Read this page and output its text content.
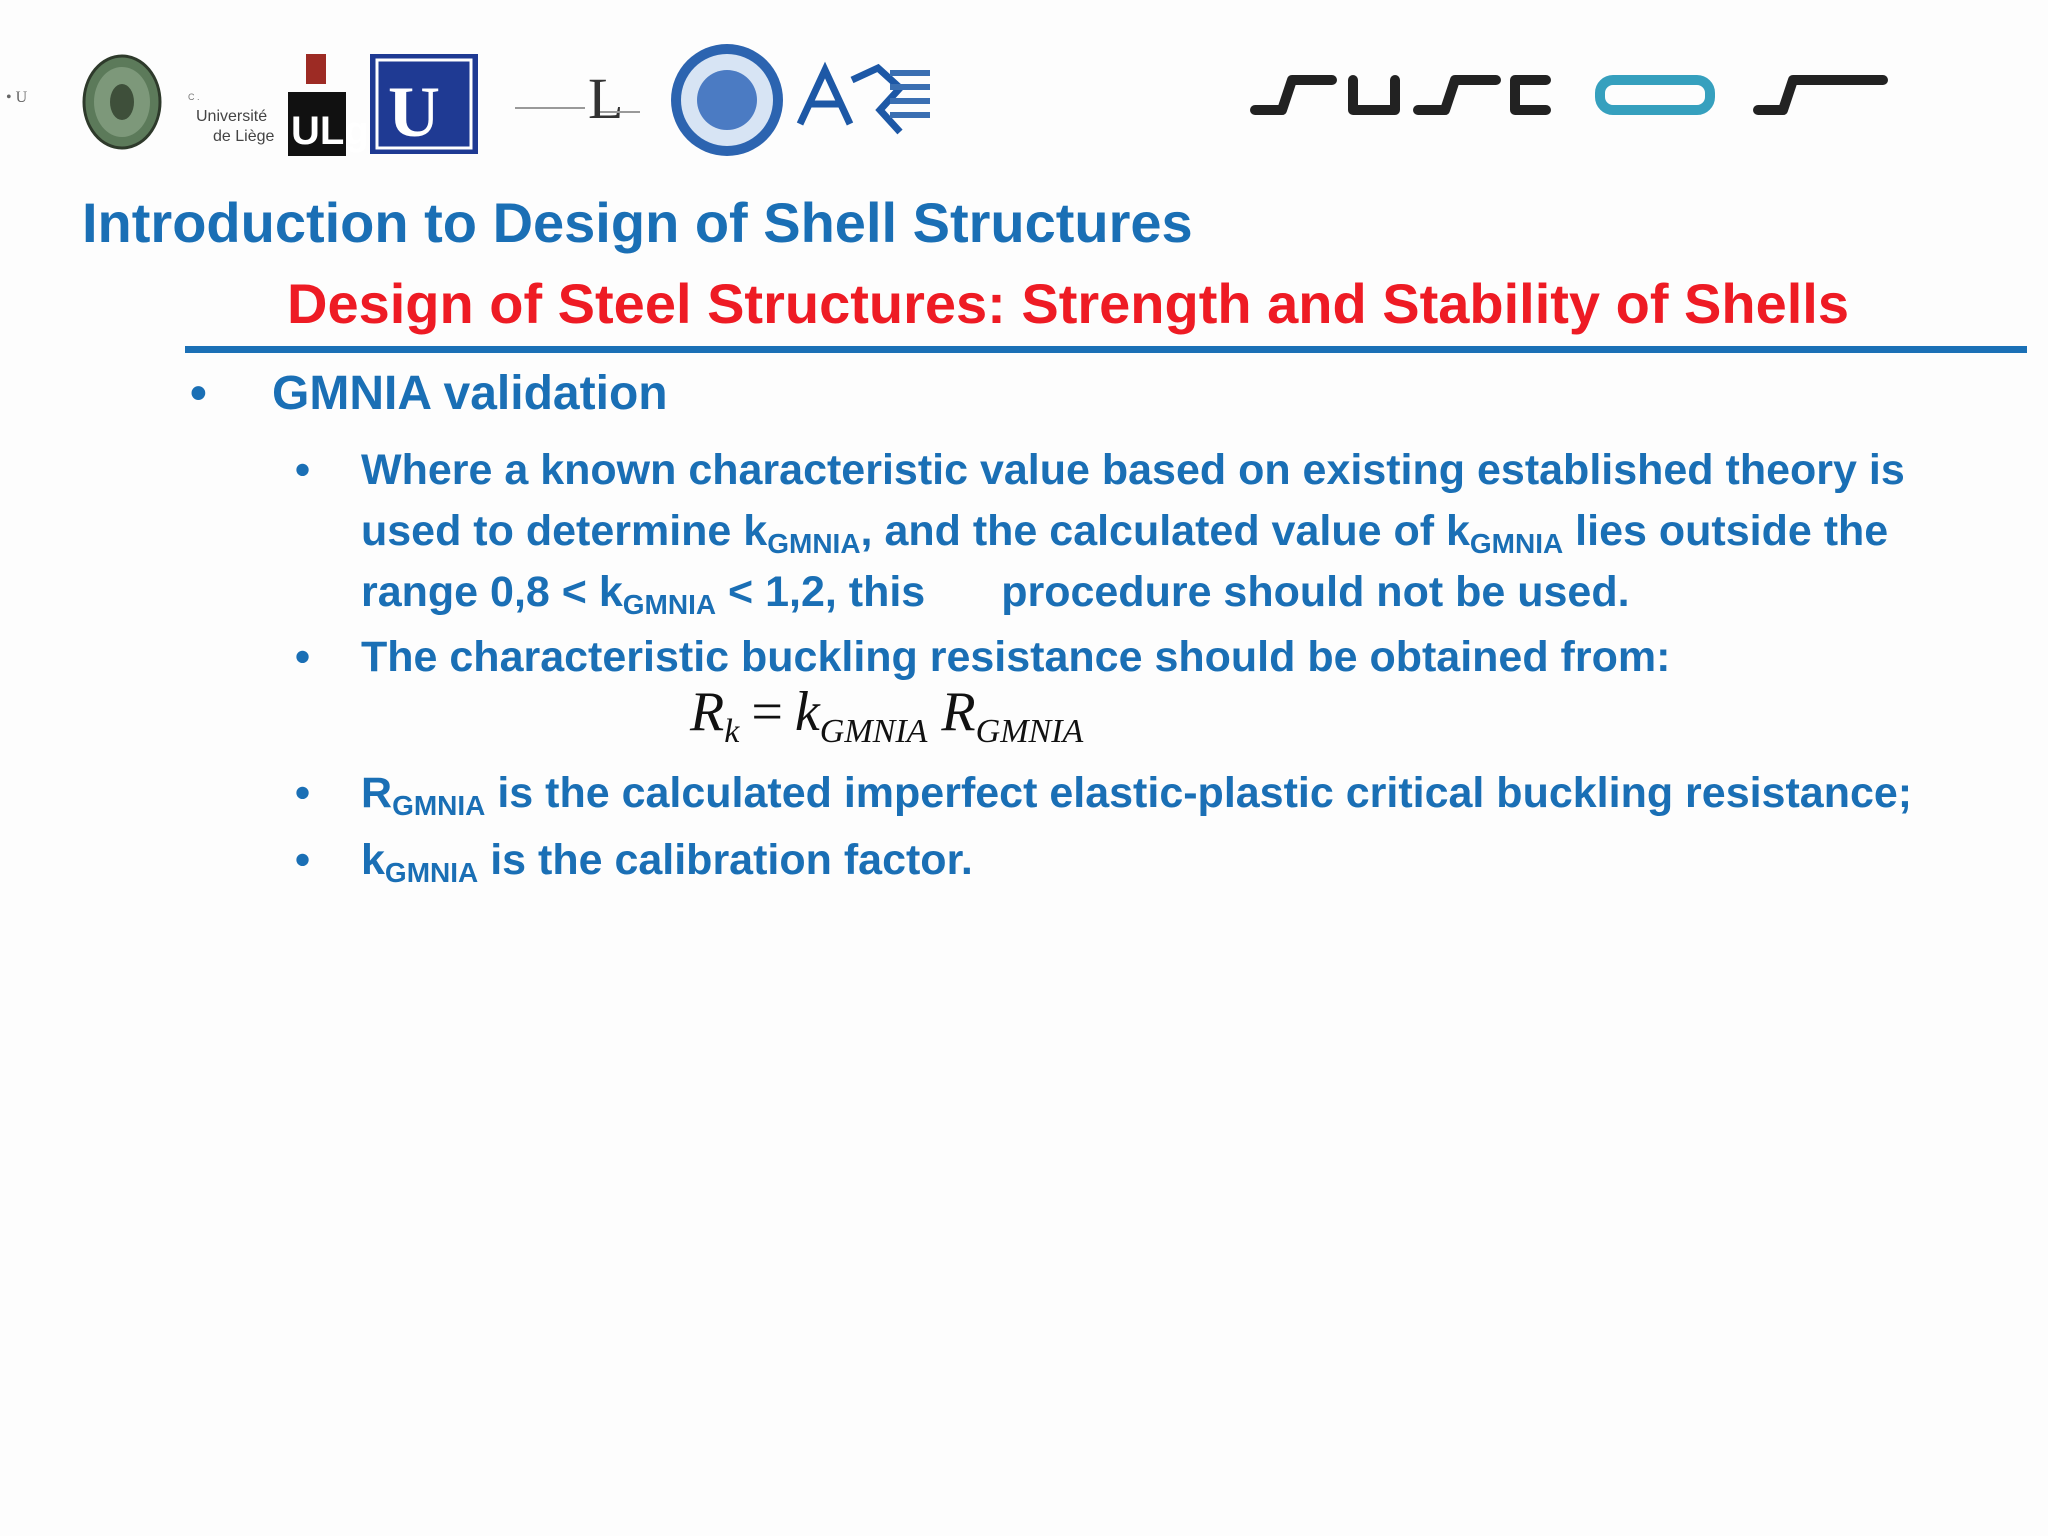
• U	C .
Université
de Liège ULg U	L
Introduction to Design of Shell Structures
Design of Steel Structures: Strength and Stability of Shells
• GMNIA validation
• Where a known characteristic value based on existing established theory is
used to determine $k_{GMNIA}$, and the calculated value of $k_{GMNIA}$ lies outside the
range $0,8 < k_{GMNIA} < 1,2$, this procedure should not be used.
• The characteristic buckling resistance should be obtained from:
$R_k = k_{GMNIA}$ $R_{GMNIA}$
• $R_{GMNIA}$ is the calculated imperfect elastic-plastic critical buckling resistance;
• $k_{GMNIA}$ is the calibration factor.
